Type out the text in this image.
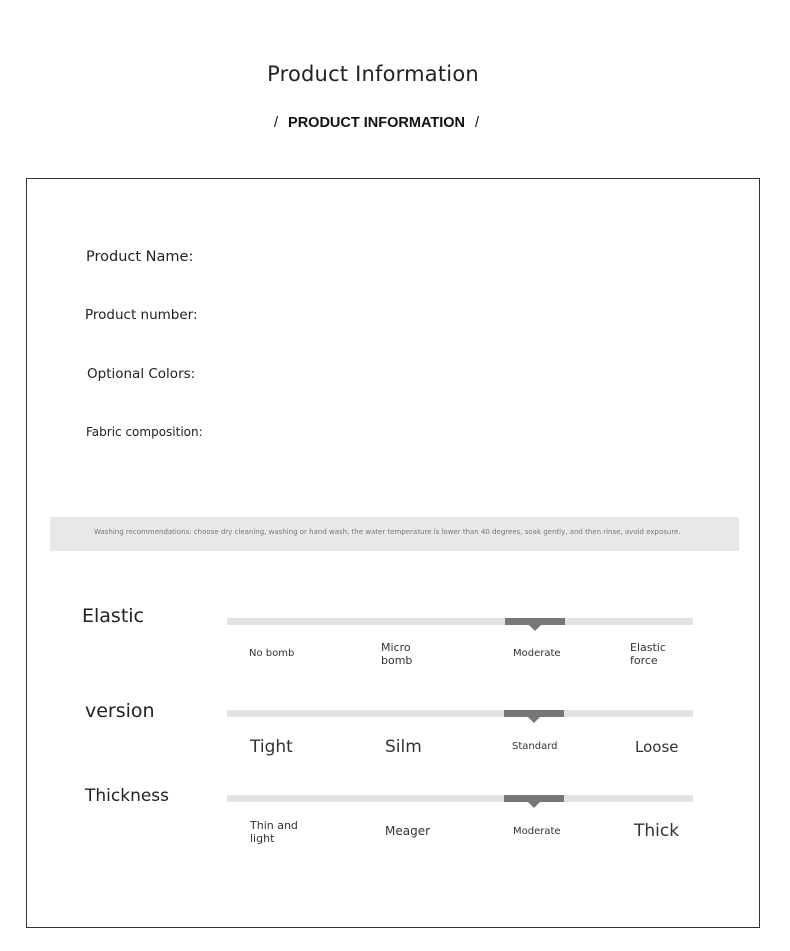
Product Information
/ PRODUCT INFORMATION /
Product Name:
Product number:
Optional Colors:
Fabric composition:
Washing recommendations: choose dry cleaning, washing or hand wash, the water temperature is lower than 40 degrees, soak gently, and then rinse, avoid exposure.
Elastic
No bomb	Micro
bomb
Moderate	Elastic
force
version
Tight	Silm	Standard	Loose
Thickness
Thin and
light
Meager	Moderate	Thick
